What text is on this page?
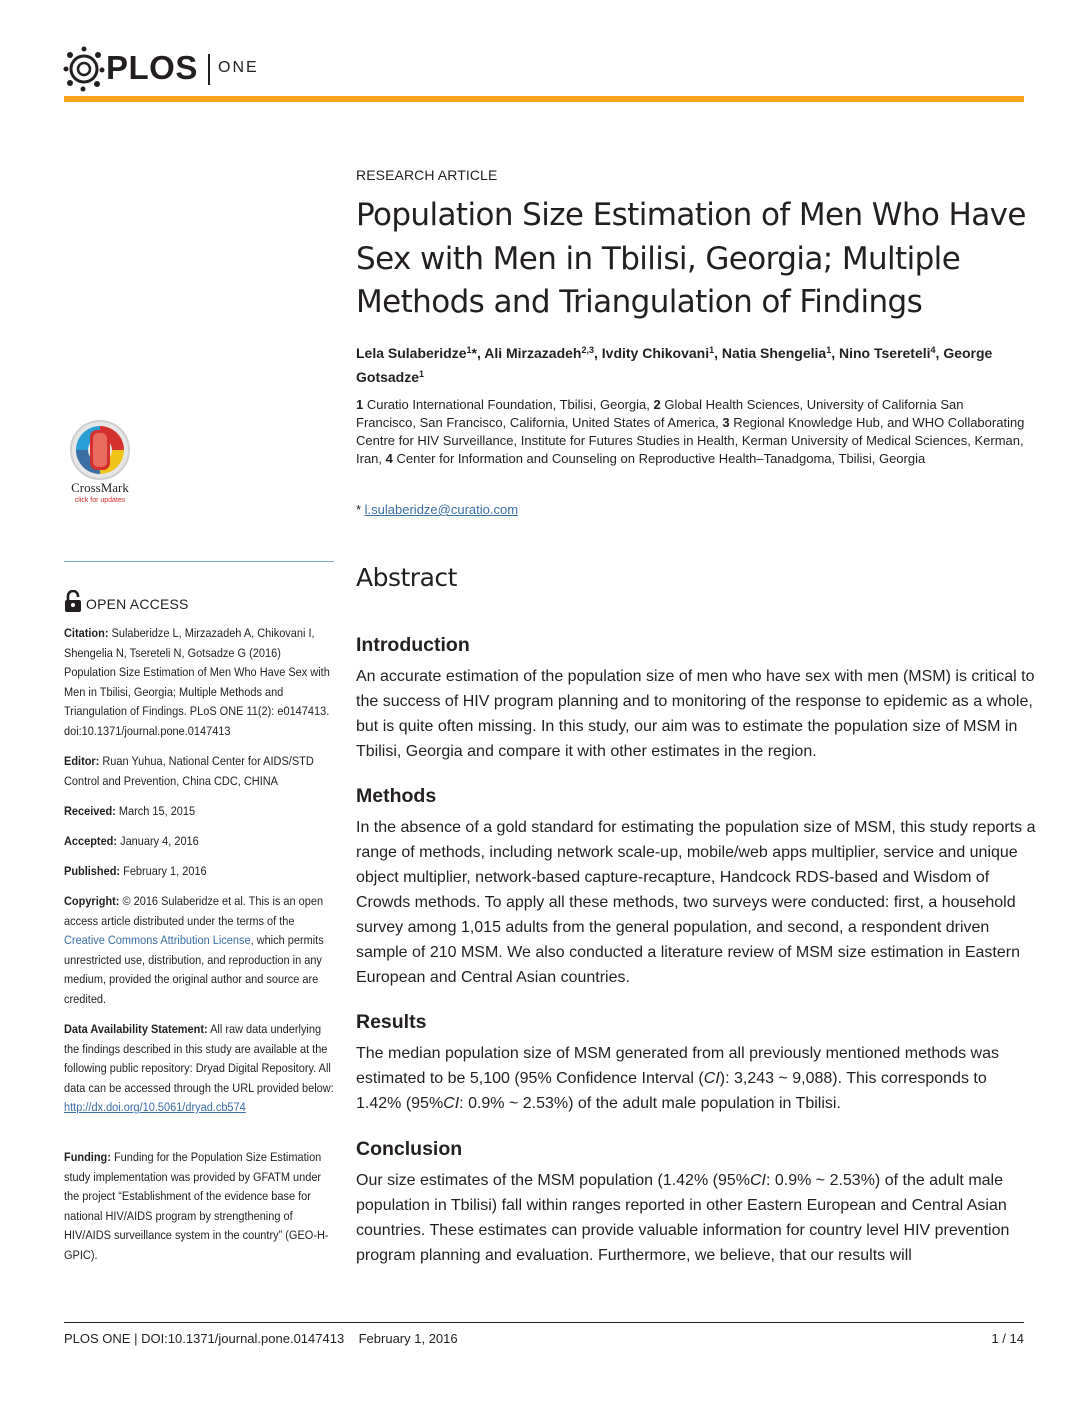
PLOS ONE
CrossMark
click for updates
OPEN ACCESS
Citation: Sulaberidze L, Mirzazadeh A, Chikovani I, Shengelia N, Tsereteli N, Gotsadze G (2016) Population Size Estimation of Men Who Have Sex with Men in Tbilisi, Georgia; Multiple Methods and Triangulation of Findings. PLoS ONE 11(2): e0147413. doi:10.1371/journal.pone.0147413
Editor: Ruan Yuhua, National Center for AIDS/STD Control and Prevention, China CDC, CHINA
Received: March 15, 2015
Accepted: January 4, 2016
Published: February 1, 2016
Copyright: © 2016 Sulaberidze et al. This is an open access article distributed under the terms of the Creative Commons Attribution License, which permits unrestricted use, distribution, and reproduction in any medium, provided the original author and source are credited.
Data Availability Statement: All raw data underlying the findings described in this study are available at the following public repository: Dryad Digital Repository. All data can be accessed through the URL provided below: http://dx.doi.org/10.5061/dryad.cb574
Funding: Funding for the Population Size Estimation study implementation was provided by GFATM under the project “Establishment of the evidence base for national HIV/AIDS program by strengthening of HIV/AIDS surveillance system in the country” (GEO-H-GPIC).
RESEARCH ARTICLE
Population Size Estimation of Men Who Have Sex with Men in Tbilisi, Georgia; Multiple Methods and Triangulation of Findings
Lela Sulaberidze$^1$*, Ali Mirzazadeh$^{2,3}$, Ivdity Chikovani$^1$, Natia Shengelia$^1$, Nino Tsereteli$^4$, George Gotsadze$^1$
1 Curatio International Foundation, Tbilisi, Georgia, 2 Global Health Sciences, University of California San Francisco, San Francisco, California, United States of America, 3 Regional Knowledge Hub, and WHO Collaborating Centre for HIV Surveillance, Institute for Futures Studies in Health, Kerman University of Medical Sciences, Kerman, Iran, 4 Center for Information and Counseling on Reproductive Health–Tanadgoma, Tbilisi, Georgia
* l.sulaberidze@curatio.com
Abstract
Introduction
An accurate estimation of the population size of men who have sex with men (MSM) is critical to the success of HIV program planning and to monitoring of the response to epidemic as a whole, but is quite often missing. In this study, our aim was to estimate the population size of MSM in Tbilisi, Georgia and compare it with other estimates in the region.
Methods
In the absence of a gold standard for estimating the population size of MSM, this study reports a range of methods, including network scale-up, mobile/web apps multiplier, service and unique object multiplier, network-based capture-recapture, Handcock RDS-based and Wisdom of Crowds methods. To apply all these methods, two surveys were conducted: first, a household survey among 1,015 adults from the general population, and second, a respondent driven sample of 210 MSM. We also conducted a literature review of MSM size estimation in Eastern European and Central Asian countries.
Results
The median population size of MSM generated from all previously mentioned methods was estimated to be 5,100 (95% Confidence Interval (CI): 3,243 ~ 9,088). This corresponds to 1.42% (95%CI: 0.9% ~ 2.53%) of the adult male population in Tbilisi.
Conclusion
Our size estimates of the MSM population (1.42% (95%CI: 0.9% ~ 2.53%) of the adult male population in Tbilisi) fall within ranges reported in other Eastern European and Central Asian countries. These estimates can provide valuable information for country level HIV prevention program planning and evaluation. Furthermore, we believe, that our results will
PLOS ONE | DOI:10.1371/journal.pone.0147413    February 1, 2016	1 / 14
